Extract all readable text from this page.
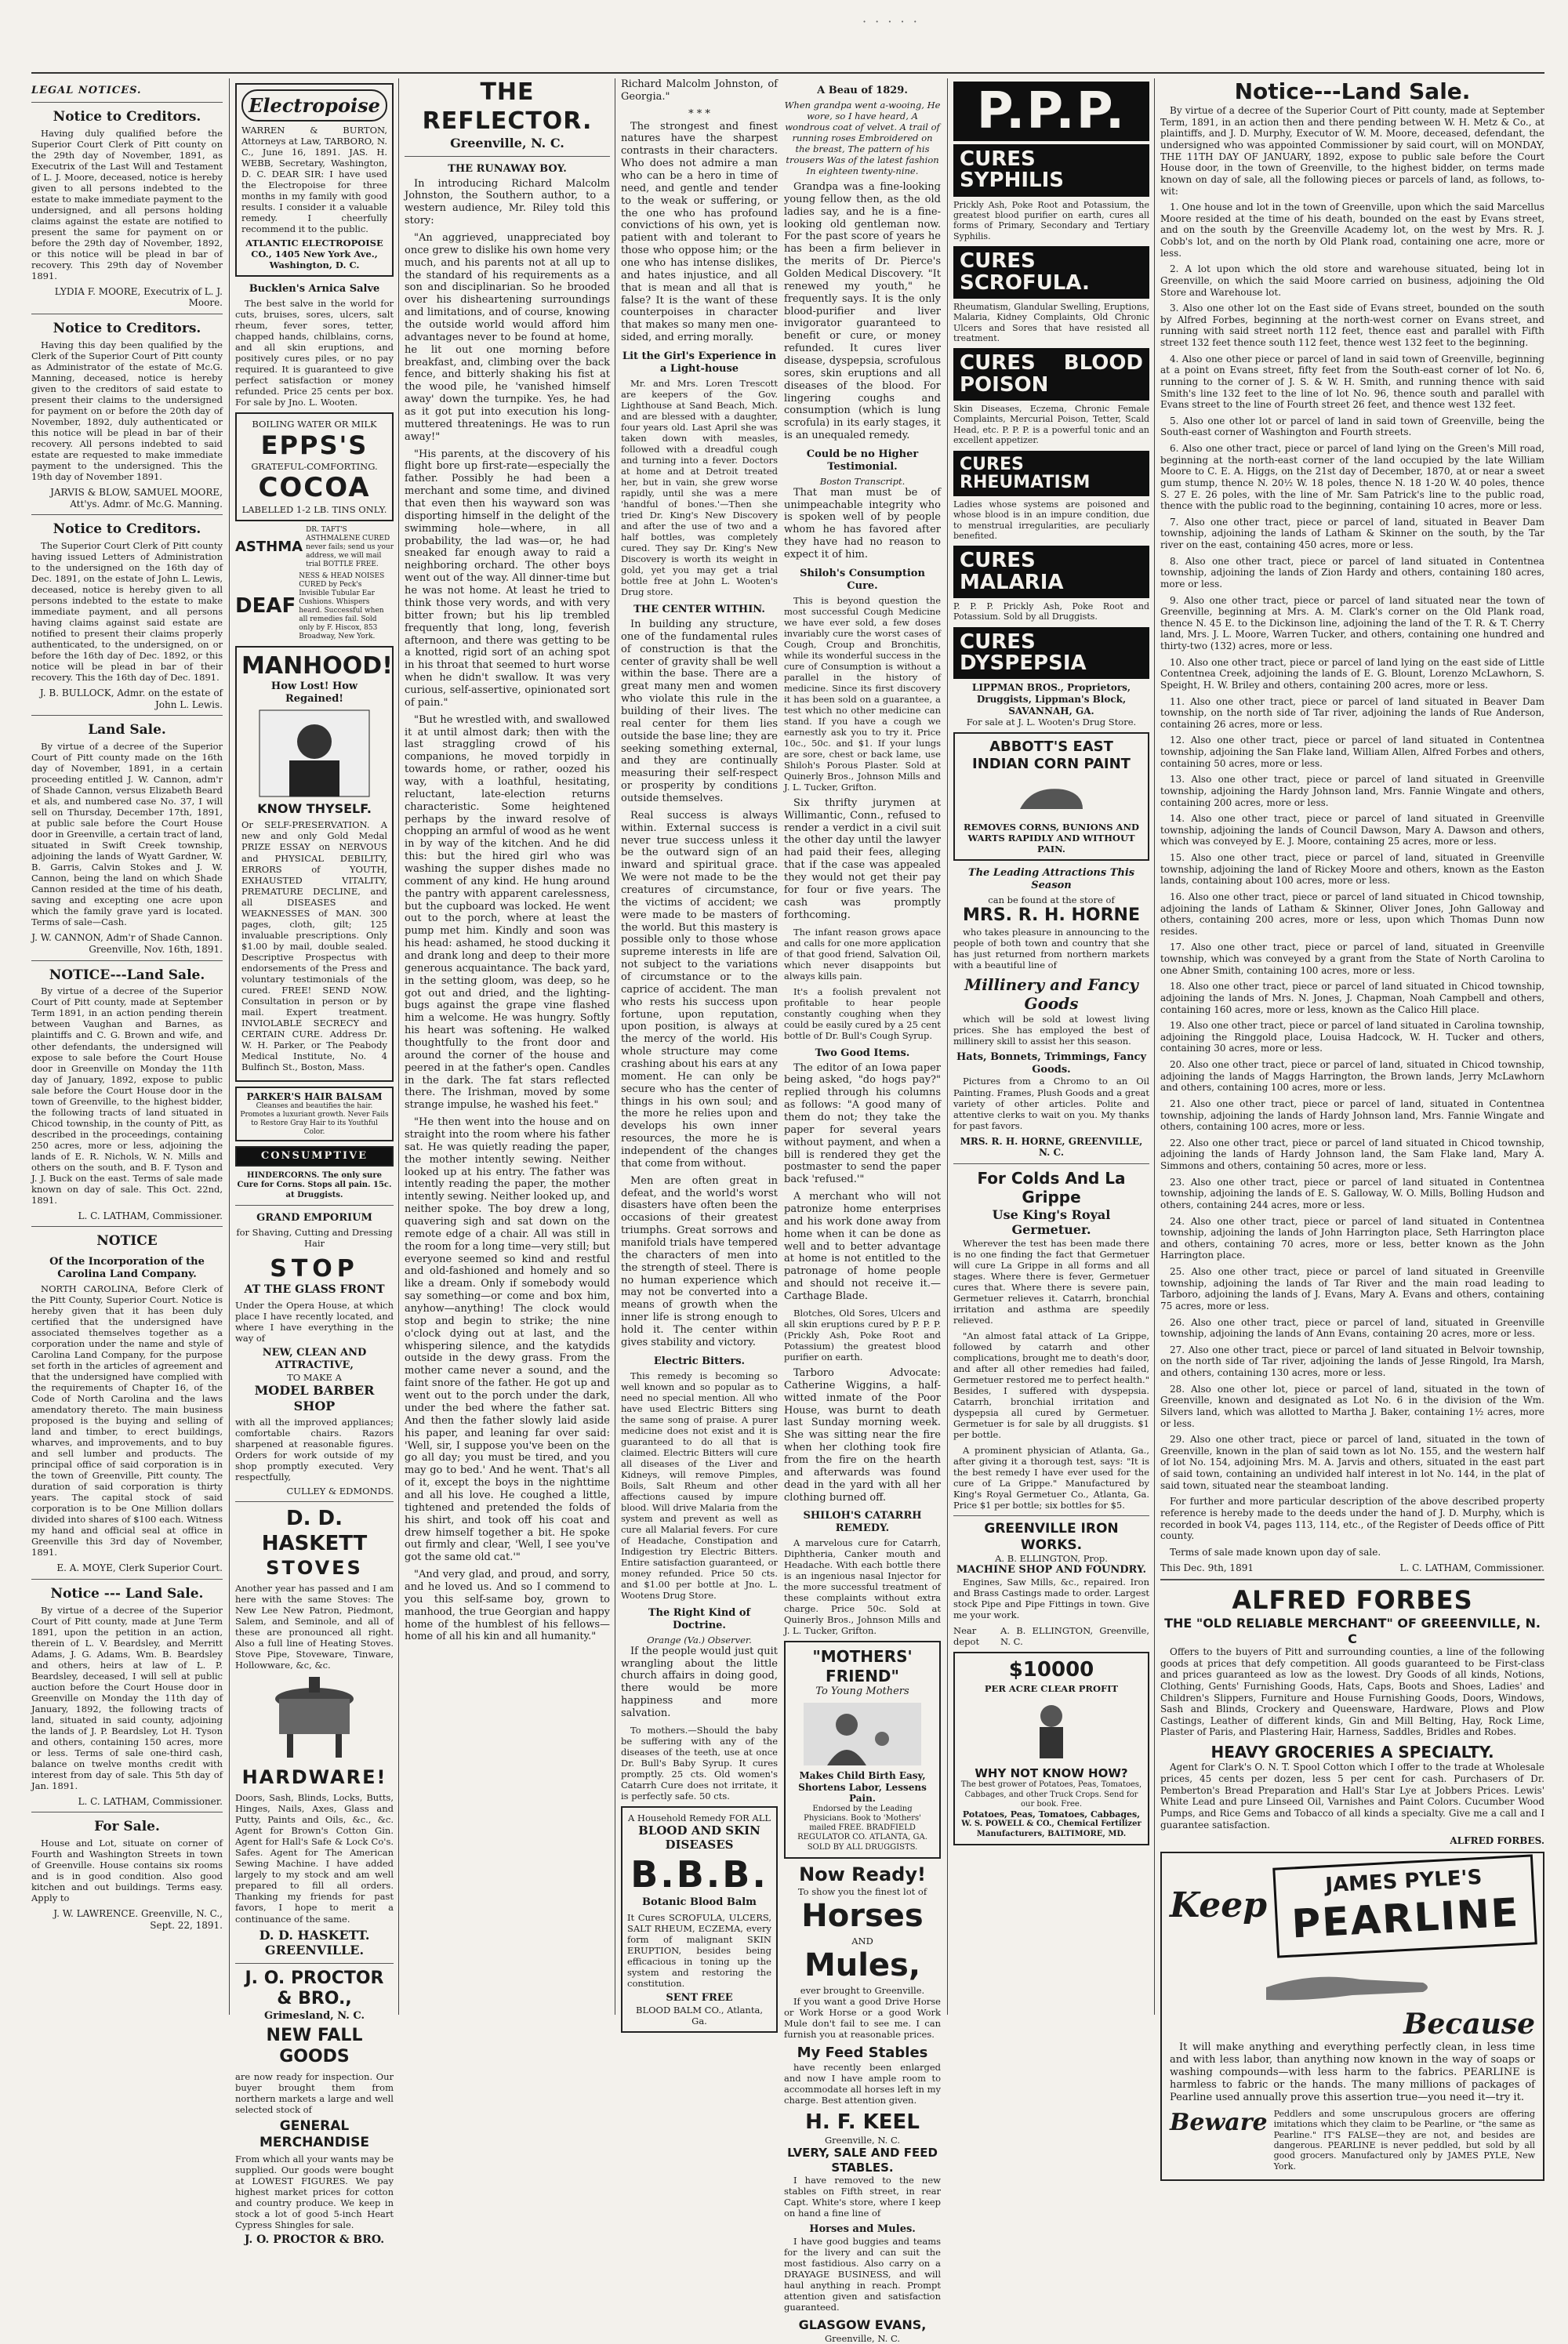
· · · · ·
LEGAL NOTICES.
Notice to Creditors.

Having duly qualified before the Superior Court Clerk of Pitt county on the 29th day of November, 1891, as Executrix of the Last Will and Testament of L. J. Moore, deceased, notice is hereby given to all persons indebted to the estate to make immediate payment to the undersigned, and all persons holding claims against the estate are notified to present the same for payment on or before the 29th day of November, 1892, or this notice will be plead in bar of recovery. This 29th day of November 1891.

LYDIA F. MOORE, Executrix of L. J. Moore.

Notice to Creditors.

Having this day been qualified by the Clerk of the Superior Court of Pitt county as Administrator of the estate of Mc.G. Manning, deceased, notice is hereby given to the creditors of said estate to present their claims to the undersigned for payment on or before the 20th day of November, 1892, duly authenticated or this notice will be plead in bar of their recovery. All persons indebted to said estate are requested to make immediate payment to the undersigned. This the 19th day of November 1891.

JARVIS & BLOW, SAMUEL MOORE, Att'ys. Admr. of Mc.G. Manning.

Notice to Creditors.

The Superior Court Clerk of Pitt county having issued Letters of Administration to the undersigned on the 16th day of Dec. 1891, on the estate of John L. Lewis, deceased, notice is hereby given to all persons indebted to the estate to make immediate payment, and all persons having claims against said estate are notified to present their claims properly authenticated, to the undersigned, on or before the 16th day of Dec. 1892, or this notice will be plead in bar of their recovery. This the 16th day of Dec. 1891.

J. B. BULLOCK, Admr. on the estate of John L. Lewis.

Land Sale.

By virtue of a decree of the Superior Court of Pitt county made on the 16th day of November, 1891, in a certain proceeding entitled J. W. Cannon, adm'r of Shade Cannon, versus Elizabeth Beard et als, and numbered case No. 37, I will sell on Thursday, December 17th, 1891, at public sale before the Court House door in Greenville, a certain tract of land, situated in Swift Creek township, adjoining the lands of Wyatt Gardner, W. B. Garris, Calvin Stokes and J. W. Cannon, being the land on which Shade Cannon resided at the time of his death, saving and excepting one acre upon which the family grave yard is located. Terms of sale—Cash.

J. W. CANNON, Adm'r of Shade Cannon. Greenville, Nov. 16th, 1891.

NOTICE---Land Sale.

By virtue of a decree of the Superior Court of Pitt county, made at September Term 1891, in an action pending therein between Vaughan and Barnes, as plaintiffs and C. G. Brown and wife, and other defendants, the undersigned will expose to sale before the Court House door in Greenville on Monday the 11th day of January, 1892, expose to public sale before the Court House door in the town of Greenville, to the highest bidder, the following tracts of land situated in Chicod township, in the county of Pitt, as described in the proceedings, containing 250 acres, more or less, adjoining the lands of E. R. Nichols, W. N. Mills and others on the south, and B. F. Tyson and J. J. Buck on the east. Terms of sale made known on day of sale. This Oct. 22nd, 1891.

L. C. LATHAM, Commissioner.

NOTICE
Of the Incorporation of the Carolina Land Company.

NORTH CAROLINA, Before Clerk of the Pitt County, Superior Court. Notice is hereby given that it has been duly certified that the undersigned have associated themselves together as a corporation under the name and style of Carolina Land Company, for the purpose set forth in the articles of agreement and that the undersigned have complied with the requirements of Chapter 16, of the Code of North Carolina and the laws amendatory thereto. The main business proposed is the buying and selling of land and timber, to erect buildings, wharves, and improvements, and to buy and sell lumber and products. The principal office of said corporation is in the town of Greenville, Pitt county. The duration of said corporation is thirty years. The capital stock of said corporation is to be One Million dollars divided into shares of $100 each. Witness my hand and official seal at office in Greenville this 3rd day of November, 1891.

E. A. MOYE, Clerk Superior Court.

Notice --- Land Sale.

By virtue of a decree of the Superior Court of Pitt county, made at June Term 1891, upon the petition in an action, therein of L. V. Beardsley, and Merritt Adams, J. G. Adams, Wm. B. Beardsley and others, heirs at law of L. P. Beardsley, deceased, I will sell at public auction before the Court House door in Greenville on Monday the 11th day of January, 1892, the following tracts of land, situated in said county, adjoining the lands of J. P. Beardsley, Lot H. Tyson and others, containing 150 acres, more or less. Terms of sale one-third cash, balance on twelve months credit with interest from day of sale. This 5th day of Jan. 1891.

L. C. LATHAM, Commissioner.

For Sale.

House and Lot, situate on corner of Fourth and Washington Streets in town of Greenville. House contains six rooms and is in good condition. Also good kitchen and out buildings. Terms easy. Apply to

J. W. LAWRENCE. Greenville, N. C., Sept. 22, 1891.

Electropoise

WARREN & BURTON, Attorneys at Law, TARBORO, N. C., June 16, 1891. JAS. H. WEBB, Secretary, Washington, D. C. DEAR SIR: I have used the Electropoise for three months in my family with good results. I consider it a valuable remedy. I cheerfully recommend it to the public.

ATLANTIC ELECTROPOISE CO., 1405 New York Ave., Washington, D. C.
Bucklen's Arnica Salve

The best salve in the world for cuts, bruises, sores, ulcers, salt rheum, fever sores, tetter, chapped hands, chilblains, corns, and all skin eruptions, and positively cures piles, or no pay required. It is guaranteed to give perfect satisfaction or money refunded. Price 25 cents per box. For sale by Jno. L. Wooten.

BOILING WATER OR MILK
EPPS'S
GRATEFUL-COMFORTING.
COCOA
LABELLED 1-2 LB. TINS ONLY.
ASTHMA
DR. TAFT'S ASTHMALENE CURED never fails; send us your address, we will mail trial BOTTLE FREE.
DEAF
NESS & HEAD NOISES CURED by Peck's Invisible Tubular Ear Cushions. Whispers heard. Successful when all remedies fail. Sold only by F. Hiscox, 853 Broadway, New York.
MANHOOD!
How Lost! How Regained!
KNOW THYSELF.

Or SELF-PRESERVATION. A new and only Gold Medal PRIZE ESSAY on NERVOUS and PHYSICAL DEBILITY, ERRORS of YOUTH, EXHAUSTED VITALITY, PREMATURE DECLINE, and all DISEASES and WEAKNESSES of MAN. 300 pages, cloth, gilt; 125 invaluable prescriptions. Only $1.00 by mail, double sealed. Descriptive Prospectus with endorsements of the Press and voluntary testimonials of the cured. FREE! SEND NOW. Consultation in person or by mail. Expert treatment. INVIOLABLE SECRECY and CERTAIN CURE. Address Dr. W. H. Parker, or The Peabody Medical Institute, No. 4 Bulfinch St., Boston, Mass.

PARKER'S HAIR BALSAM
Cleanses and beautifies the hair. Promotes a luxuriant growth. Never Fails to Restore Gray Hair to its Youthful Color.
CONSUMPTIVE
HINDERCORNS. The only sure Cure for Corns. Stops all pain. 15c. at Druggists.
GRAND EMPORIUM
for Shaving, Cutting and Dressing Hair
STOP
AT THE GLASS FRONT

Under the Opera House, at which place I have recently located, and where I have everything in the way of

NEW, CLEAN AND ATTRACTIVE,
TO MAKE A
MODEL BARBER SHOP

with all the improved appliances; comfortable chairs. Razors sharpened at reasonable figures. Orders for work outside of my shop promptly executed. Very respectfully,

CULLEY & EDMONDS.
D. D. HASKETT
STOVES

Another year has passed and I am here with the same Stoves: The New Lee New Patron, Piedmont, Salem, and Seminole, and all of these are pronounced all right. Also a full line of Heating Stoves. Stove Pipe, Stoveware, Tinware, Hollowware, &c, &c.

HARDWARE!

Doors, Sash, Blinds, Locks, Butts, Hinges, Nails, Axes, Glass and Putty, Paints and Oils, &c., &c. Agent for Brown's Cotton Gin. Agent for Hall's Safe & Lock Co's. Safes. Agent for The American Sewing Machine. I have added largely to my stock and am well prepared to fill all orders. Thanking my friends for past favors, I hope to merit a continuance of the same.

D. D. HASKETT. GREENVILLE.
J. O. PROCTOR & BRO.,
Grimesland, N. C.
NEW FALL GOODS

are now ready for inspection. Our buyer brought them from northern markets a large and well selected stock of

GENERAL MERCHANDISE

From which all your wants may be supplied. Our goods were bought at LOWEST FIGURES. We pay highest market prices for cotton and country produce. We keep in stock a lot of good 5-inch Heart Cypress Shingles for sale.

J. O. PROCTOR & BRO.
THE REFLECTOR.
Greenville, N. C.
THE RUNAWAY BOY.

In introducing Richard Malcolm Johnston, the Southern author, to a western audience, Mr. Riley told this story:

"An aggrieved, unappreciated boy once grew to dislike his own home very much, and his parents not at all up to the standard of his requirements as a son and disciplinarian. So he brooded over his disheartening surroundings and limitations, and of course, knowing the outside world would afford him advantages never to be found at home, he lit out one morning before breakfast, and, climbing over the back fence, and bitterly shaking his fist at the wood pile, he 'vanished himself away' down the turnpike. Yes, he had as it got put into execution his long-muttered threatenings. He was to run away!"

"His parents, at the discovery of his flight bore up first-rate—especially the father. Possibly he had been a merchant and some time, and divined that even then his wayward son was disporting himself in the delight of the swimming hole—where, in all probability, the lad was—or, he had sneaked far enough away to raid a neighboring orchard. The other boys went out of the way. All dinner-time but he was not home. At least he tried to think those very words, and with very bitter frown; but his lip trembled frequently that long, long, feverish afternoon, and there was getting to be a knotted, rigid sort of an aching spot in his throat that seemed to hurt worse when he didn't swallow. It was very curious, self-assertive, opinionated sort of pain."

"But he wrestled with, and swallowed it at until almost dark; then with the last straggling crowd of his companions, he moved torpidly in towards home, or rather, oozed his way, with a loathful, hesitating, reluctant, late-election returns characteristic. Some heightened perhaps by the inward resolve of chopping an armful of wood as he went in by way of the kitchen. And he did this: but the hired girl who was washing the supper dishes made no comment of any kind. He hung around the pantry with apparent carelessness, but the cupboard was locked. He went out to the porch, where at least the pump met him. Kindly and soon was his head: ashamed, he stood ducking it and drank long and deep to their more generous acquaintance. The back yard, in the setting gloom, was deep, so he got out and dried, and the lighting-bugs against the grape vine flashed him a welcome. He was hungry. Softly his heart was softening. He walked thoughtfully to the front door and around the corner of the house and peered in at the father's open. Candles in the dark. The fat stars reflected there. The Irishman, moved by some strange impulse, he washed his feet."

"He then went into the house and on straight into the room where his father sat. He was quietly reading the paper, the mother intently sewing. Neither looked up at his entry. The father was intently reading the paper, the mother intently sewing. Neither looked up, and neither spoke. The boy drew a long, quavering sigh and sat down on the remote edge of a chair. All was still in the room for a long time—very still; but everyone seemed so kind and restful and old-fashioned and homely and so like a dream. Only if somebody would say something—or come and box him, anyhow—anything! The clock would stop and begin to strike; the nine o'clock dying out at last, and the whispering silence, and the katydids outside in the dewy grass. From the mother came never a sound, and the faint snore of the father. He got up and went out to the porch under the dark, under the bed where the father sat. And then the father slowly laid aside his paper, and leaning far over said: 'Well, sir, I suppose you've been on the go all day; you must be tired, and you may go to bed.' And he went. That's all of it, except the boys in the nighttime and all his love. He coughed a little, tightened and pretended the folds of his shirt, and took off his coat and drew himself together a bit. He spoke out firmly and clear, 'Well, I see you've got the same old cat.'"

"And very glad, and proud, and sorry, and he loved us. And so I commend to you this self-same boy, grown to manhood, the true Georgian and happy home of the humblest of his fellows—home of all his kin and all humanity."

Richard Malcolm Johnston, of Georgia."

* * *

The strongest and finest natures have the sharpest contrasts in their characters. Who does not admire a man who can be a hero in time of need, and gentle and tender to the weak or suffering, or the one who has profound convictions of his own, yet is patient with and tolerant to those who oppose him; or the one who has intense dislikes, and hates injustice, and all that is mean and all that is false? It is the want of these counterpoises in character that makes so many men one-sided, and erring morally.

Lit the Girl's Experience in a Light-house

Mr. and Mrs. Loren Trescott are keepers of the Gov. Lighthouse at Sand Beach, Mich. and are blessed with a daughter, four years old. Last April she was taken down with measles, followed with a dreadful cough and turning into a fever. Doctors at home and at Detroit treated her, but in vain, she grew worse rapidly, until she was a mere 'handful of bones.'—Then she tried Dr. King's New Discovery and after the use of two and a half bottles, was completely cured. They say Dr. King's New Discovery is worth its weight in gold, yet you may get a trial bottle free at John L. Wooten's Drug store.

THE CENTER WITHIN.

In building any structure, one of the fundamental rules of construction is that the center of gravity shall be well within the base. There are a great many men and women who violate this rule in the building of their lives. The real center for them lies outside the base line; they are seeking something external, and they are continually measuring their self-respect or prosperity by conditions outside themselves.

Real success is always within. External success is never true success unless it be the outward sign of an inward and spiritual grace. We were not made to be the creatures of circumstance, the victims of accident; we were made to be masters of the world. But this mastery is possible only to those whose supreme interests in life are not subject to the variations of circumstance or to the caprice of accident. The man who rests his success upon fortune, upon reputation, upon position, is always at the mercy of the world. His whole structure may come crashing about his ears at any moment. He can only be secure who has the center of things in his own soul; and the more he relies upon and develops his own inner resources, the more he is independent of the changes that come from without.

Men are often great in defeat, and the world's worst disasters have often been the occasions of their greatest triumphs. Great sorrows and manifold trials have tempered the characters of men into the strength of steel. There is no human experience which may not be converted into a means of growth when the inner life is strong enough to hold it. The center within gives stability and victory.

Electric Bitters.

This remedy is becoming so well known and so popular as to need no special mention. All who have used Electric Bitters sing the same song of praise. A purer medicine does not exist and it is guaranteed to do all that is claimed. Electric Bitters will cure all diseases of the Liver and Kidneys, will remove Pimples, Boils, Salt Rheum and other affections caused by impure blood. Will drive Malaria from the system and prevent as well as cure all Malarial fevers. For cure of Headache, Constipation and Indigestion try Electric Bitters. Entire satisfaction guaranteed, or money refunded. Price 50 cts. and $1.00 per bottle at Jno. L. Wootens Drug Store.

The Right Kind of Doctrine.
Orange (Va.) Observer.

If the people would just quit wrangling about the little church affairs in doing good, there would be more happiness and more salvation.

To mothers.—Should the baby be suffering with any of the diseases of the teeth, use at once Dr. Bull's Baby Syrup. It cures promptly. 25 cts. Old women's Catarrh Cure does not irritate, it is perfectly safe. 50 cts.

A Household Remedy FOR ALL
BLOOD AND SKIN DISEASES
B.B.B.
Botanic Blood Balm

It Cures SCROFULA, ULCERS, SALT RHEUM, ECZEMA, every form of malignant SKIN ERUPTION, besides being efficacious in toning up the system and restoring the constitution.

SENT FREE
BLOOD BALM CO., Atlanta, Ga.
A Beau of 1829.

When grandpa went a-wooing, He wore, so I have heard, A wondrous coat of velvet. A trail of running roses Embroidered on the breast, The pattern of his trousers Was of the latest fashion In eighteen twenty-nine.

Grandpa was a fine-looking young fellow then, as the old ladies say, and he is a fine-looking old gentleman now. For the past score of years he has been a firm believer in the merits of Dr. Pierce's Golden Medical Discovery. "It renewed my youth," he frequently says. It is the only blood-purifier and liver invigorator guaranteed to benefit or cure, or money refunded. It cures liver disease, dyspepsia, scrofulous sores, skin eruptions and all diseases of the blood. For lingering coughs and consumption (which is lung scrofula) in its early stages, it is an unequaled remedy.

Could be no Higher Testimonial.
Boston Transcript.

That man must be of unimpeachable integrity who is spoken well of by people whom he has favored after they have had no reason to expect it of him.

Shiloh's Consumption Cure.

This is beyond question the most successful Cough Medicine we have ever sold, a few doses invariably cure the worst cases of Cough, Croup and Bronchitis, while its wonderful success in the cure of Consumption is without a parallel in the history of medicine. Since its first discovery it has been sold on a guarantee, a test which no other medicine can stand. If you have a cough we earnestly ask you to try it. Price 10c., 50c. and $1. If your lungs are sore, chest or back lame, use Shiloh's Porous Plaster. Sold at Quinerly Bros., Johnson Mills and J. L. Tucker, Grifton.

Six thrifty jurymen at Willimantic, Conn., refused to render a verdict in a civil suit the other day until the lawyer had paid their fees, alleging that if the case was appealed they would not get their pay for four or five years. The cash was promptly forthcoming.

The infant reason grows apace and calls for one more application of that good friend, Salvation Oil, which never disappoints but always kills pain.

It's a foolish prevalent not profitable to hear people constantly coughing when they could be easily cured by a 25 cent bottle of Dr. Bull's Cough Syrup.

Two Good Items.

The editor of an Iowa paper being asked, "do hogs pay?" replied through his columns as follows: "A good many of them do not; they take the paper for several years without payment, and when a bill is rendered they get the postmaster to send the paper back 'refused.'"

A merchant who will not patronize home enterprises and his work done away from home when it can be done as well and to better advantage at home is not entitled to the patronage of home people and should not receive it.—Carthage Blade.

Blotches, Old Sores, Ulcers and all skin eruptions cured by P. P. P. (Prickly Ash, Poke Root and Potassium) the greatest blood purifier on earth.

Tarboro Advocate: Catherine Wiggins, a half-witted inmate of the Poor House, was burnt to death last Sunday morning week. She was sitting near the fire when her clothing took fire from the fire on the hearth and afterwards was found dead in the yard with all her clothing burned off.

SHILOH'S CATARRH REMEDY.

A marvelous cure for Catarrh, Diphtheria, Canker mouth and Headache. With each bottle there is an ingenious nasal Injector for the more successful treatment of these complaints without extra charge. Price 50c. Sold at Quinerly Bros., Johnson Mills and J. L. Tucker, Grifton.

"MOTHERS' FRIEND"
To Young Mothers
Makes Child Birth Easy, Shortens Labor, Lessens Pain.
Endorsed by the Leading Physicians. Book to 'Mothers' mailed FREE. BRADFIELD REGULATOR CO. ATLANTA, GA. SOLD BY ALL DRUGGISTS.
Now Ready!
To show you the finest lot of
Horses
AND
Mules,
ever brought to Greenville.

If you want a good Drive Horse or Work Horse or a good Work Mule don't fail to see me. I can furnish you at reasonable prices.

My Feed Stables

have recently been enlarged and now I have ample room to accommodate all horses left in my charge. Best attention given.

H. F. KEEL
Greenville, N. C.
LVERY, SALE AND FEED STABLES.

I have removed to the new stables on Fifth street, in rear Capt. White's store, where I keep on hand a fine line of

Horses and Mules.

I have good buggies and teams for the livery and can suit the most fastidious. Also carry on a DRAYAGE BUSINESS, and will haul anything in reach. Prompt attention given and satisfaction guaranteed.

GLASGOW EVANS,
Greenville, N. C.
P.P.P.
CURES SYPHILIS

Prickly Ash, Poke Root and Potassium, the greatest blood purifier on earth, cures all forms of Primary, Secondary and Tertiary Syphilis.

CURES SCROFULA.

Rheumatism, Glandular Swelling, Eruptions, Malaria, Kidney Complaints, Old Chronic Ulcers and Sores that have resisted all treatment.

CURES BLOOD POISON

Skin Diseases, Eczema, Chronic Female Complaints, Mercurial Poison, Tetter, Scald Head, etc. P. P. P. is a powerful tonic and an excellent appetizer.

CURES RHEUMATISM

Ladies whose systems are poisoned and whose blood is in an impure condition, due to menstrual irregularities, are peculiarly benefited.

CURES MALARIA

P. P. P. Prickly Ash, Poke Root and Potassium. Sold by all Druggists.

CURES DYSPEPSIA
LIPPMAN BROS., Proprietors, Druggists, Lippman's Block, SAVANNAH, GA.
For sale at J. L. Wooten's Drug Store.
ABBOTT'S EAST INDIAN CORN PAINT
REMOVES CORNS, BUNIONS AND WARTS RAPIDLY AND WITHOUT PAIN.
The Leading Attractions This Season
can be found at the store of
MRS. R. H. HORNE

who takes pleasure in announcing to the people of both town and country that she has just returned from northern markets with a beautiful line of

Millinery and Fancy Goods

which will be sold at lowest living prices. She has employed the best of millinery skill to assist her this season.

Hats, Bonnets, Trimmings, Fancy Goods.

Pictures from a Chromo to an Oil Painting. Frames, Plush Goods and a great variety of other articles. Polite and attentive clerks to wait on you. My thanks for past favors.

MRS. R. H. HORNE, GREENVILLE, N. C.
For Colds And La Grippe
Use King's Royal Germetuer.

Wherever the test has been made there is no one finding the fact that Germetuer will cure La Grippe in all forms and all stages. Where there is fever, Germetuer cures that. Where there is severe pain, Germetuer relieves it. Catarrh, bronchial irritation and asthma are speedily relieved.

"An almost fatal attack of La Grippe, followed by catarrh and other complications, brought me to death's door, and after all other remedies had failed, Germetuer restored me to perfect health." Besides, I suffered with dyspepsia. Catarrh, bronchial irritation and dyspepsia all cured by Germetuer. Germetuer is for sale by all druggists. $1 per bottle.

A prominent physician of Atlanta, Ga., after giving it a thorough test, says: "It is the best remedy I have ever used for the cure of La Grippe." Manufactured by King's Royal Germetuer Co., Atlanta, Ga. Price $1 per bottle; six bottles for $5.

GREENVILLE IRON WORKS.
A. B. ELLINGTON, Prop.
MACHINE SHOP AND FOUNDRY.

Engines, Saw Mills, &c., repaired. Iron and Brass Castings made to order. Largest stock Pipe and Pipe Fittings in town. Give me your work.

Near depot
A. B. ELLINGTON, Greenville, N. C.
$10000
PER ACRE CLEAR PROFIT
WHY NOT KNOW HOW?
The best grower of Potatoes, Peas, Tomatoes, Cabbages, and other Truck Crops. Send for our book. Free.
Potatoes, Peas, Tomatoes, Cabbages,
W. S. POWELL & CO., Chemical Fertilizer Manufacturers, BALTIMORE, MD.
Notice---Land Sale.

By virtue of a decree of the Superior Court of Pitt county, made at September Term, 1891, in an action then and there pending between W. H. Metz & Co., at plaintiffs, and J. D. Murphy, Executor of W. M. Moore, deceased, defendant, the undersigned who was appointed Commissioner by said court, will on MONDAY, THE 11TH DAY OF JANUARY, 1892, expose to public sale before the Court House door, in the town of Greenville, to the highest bidder, on terms made known on day of sale, all the following pieces or parcels of land, as follows, to-wit:

1. One house and lot in the town of Greenville, upon which the said Marcellus Moore resided at the time of his death, bounded on the east by Evans street, and on the south by the Greenville Academy lot, on the west by Mrs. R. J. Cobb's lot, and on the north by Old Plank road, containing one acre, more or less.

2. A lot upon which the old store and warehouse situated, being lot in Greenville, on which the said Moore carried on business, adjoining the Old Store and Warehouse lot.

3. Also one other lot on the East side of Evans street, bounded on the south by Alfred Forbes, beginning at the north-west corner on Evans street, and running with said street north 112 feet, thence east and parallel with Fifth street 132 feet thence south 112 feet, thence west 132 feet to the beginning.

4. Also one other piece or parcel of land in said town of Greenville, beginning at a point on Evans street, fifty feet from the South-east corner of lot No. 6, running to the corner of J. S. & W. H. Smith, and running thence with said Smith's line 132 feet to the line of lot No. 96, thence south and parallel with Evans street to the line of Fourth street 26 feet, and thence west 132 feet.

5. Also one other lot or parcel of land in said town of Greenville, being the South-east corner of Washington and Fourth streets.

6. Also one other tract, piece or parcel of land lying on the Green's Mill road, beginning at the north-east corner of the land occupied by the late William Moore to C. E. A. Higgs, on the 21st day of December, 1870, at or near a sweet gum stump, thence N. 20½ W. 18 poles, thence N. 18 1-20 W. 40 poles, thence S. 27 E. 26 poles, with the line of Mr. Sam Patrick's line to the public road, thence with the public road to the beginning, containing 10 acres, more or less.

7. Also one other tract, piece or parcel of land, situated in Beaver Dam township, adjoining the lands of Latham & Skinner on the south, by the Tar river on the east, containing 450 acres, more or less.

8. Also one other tract, piece or parcel of land situated in Contentnea township, adjoining the lands of Zion Hardy and others, containing 180 acres, more or less.

9. Also one other tract, piece or parcel of land situated near the town of Greenville, beginning at Mrs. A. M. Clark's corner on the Old Plank road, thence N. 45 E. to the Dickinson line, adjoining the land of the T. R. & T. Cherry land, Mrs. J. L. Moore, Warren Tucker, and others, containing one hundred and thirty-two (132) acres, more or less.

10. Also one other tract, piece or parcel of land lying on the east side of Little Contentnea Creek, adjoining the lands of E. G. Blount, Lorenzo McLawhorn, S. Speight, H. W. Briley and others, containing 200 acres, more or less.

11. Also one other tract, piece or parcel of land situated in Beaver Dam township, on the north side of Tar river, adjoining the lands of Rue Anderson, containing 26 acres, more or less.

12. Also one other tract, piece or parcel of land situated in Contentnea township, adjoining the San Flake land, William Allen, Alfred Forbes and others, containing 50 acres, more or less.

13. Also one other tract, piece or parcel of land situated in Greenville township, adjoining the Hardy Johnson land, Mrs. Fannie Wingate and others, containing 200 acres, more or less.

14. Also one other tract, piece or parcel of land situated in Greenville township, adjoining the lands of Council Dawson, Mary A. Dawson and others, which was conveyed by E. J. Moore, containing 25 acres, more or less.

15. Also one other tract, piece or parcel of land, situated in Greenville township, adjoining the land of Rickey Moore and others, known as the Easton lands, containing about 100 acres, more or less.

16. Also one other tract, piece or parcel of land situated in Chicod township, adjoining the lands of Latham & Skinner, Oliver Jones, John Galloway and others, containing 200 acres, more or less, upon which Thomas Dunn now resides.

17. Also one other tract, piece or parcel of land, situated in Greenville township, which was conveyed by a grant from the State of North Carolina to one Abner Smith, containing 100 acres, more or less.

18. Also one other tract, piece or parcel of land situated in Chicod township, adjoining the lands of Mrs. N. Jones, J. Chapman, Noah Campbell and others, containing 160 acres, more or less, known as the Calico Hill place.

19. Also one other tract, piece or parcel of land situated in Carolina township, adjoining the Ringgold place, Louisa Hadcock, W. H. Tucker and others, containing 30 acres, more or less.

20. Also one other tract, piece or parcel of land, situated in Chicod township, adjoining the lands of Maggs Harrington, the Brown lands, Jerry McLawhorn and others, containing 100 acres, more or less.

21. Also one other tract, piece or parcel of land, situated in Contentnea township, adjoining the lands of Hardy Johnson land, Mrs. Fannie Wingate and others, containing 100 acres, more or less.

22. Also one other tract, piece or parcel of land situated in Chicod township, adjoining the lands of Hardy Johnson land, the Sam Flake land, Mary A. Simmons and others, containing 50 acres, more or less.

23. Also one other tract, piece or parcel of land situated in Contentnea township, adjoining the lands of E. S. Galloway, W. O. Mills, Bolling Hudson and others, containing 244 acres, more or less.

24. Also one other tract, piece or parcel of land situated in Contentnea township, adjoining the lands of John Harrington place, Seth Harrington place and others, containing 70 acres, more or less, better known as the John Harrington place.

25. Also one other tract, piece or parcel of land situated in Greenville township, adjoining the lands of Tar River and the main road leading to Tarboro, adjoining the lands of J. Evans, Mary A. Evans and others, containing 75 acres, more or less.

26. Also one other tract, piece or parcel of land, situated in Greenville township, adjoining the lands of Ann Evans, containing 20 acres, more or less.

27. Also one other tract, piece or parcel of land situated in Belvoir township, on the north side of Tar river, adjoining the lands of Jesse Ringold, Ira Marsh, and others, containing 130 acres, more or less.

28. Also one other lot, piece or parcel of land, situated in the town of Greenville, known and designated as Lot No. 6 in the division of the Wm. Silvers land, which was allotted to Martha J. Baker, containing 1½ acres, more or less.

29. Also one other tract, piece or parcel of land, situated in the town of Greenville, known in the plan of said town as lot No. 155, and the western half of lot No. 154, adjoining Mrs. M. A. Jarvis and others, situated in the east part of said town, containing an undivided half interest in lot No. 144, in the plat of said town, situated near the steamboat landing.

For further and more particular description of the above described property reference is hereby made to the deeds under the hand of J. D. Murphy, which is recorded in book V4, pages 113, 114, etc., of the Register of Deeds office of Pitt county.

Terms of sale made known upon day of sale.

This Dec. 9th, 1891	L. C. LATHAM, Commissioner.
ALFRED FORBES
THE "OLD RELIABLE MERCHANT" OF GREEENVILLE, N. C

Offers to the buyers of Pitt and surrounding counties, a line of the following goods at prices that defy competition. All goods guaranteed to be First-class and prices guaranteed as low as the lowest. Dry Goods of all kinds, Notions, Clothing, Gents' Furnishing Goods, Hats, Caps, Boots and Shoes, Ladies' and Children's Slippers, Furniture and House Furnishing Goods, Doors, Windows, Sash and Blinds, Crockery and Queensware, Hardware, Plows and Plow Castings, Leather of different kinds, Gin and Mill Belting, Hay, Rock Lime, Plaster of Paris, and Plastering Hair, Harness, Saddles, Bridles and Robes.

HEAVY GROCERIES A SPECIALTY.

Agent for Clark's O. N. T. Spool Cotton which I offer to the trade at Wholesale prices, 45 cents per dozen, less 5 per cent for cash. Purchasers of Dr. Pemberton's Bread Preparation and Hall's Star Lye at Jobbers Prices. Lewis' White Lead and pure Linseed Oil, Varnishes and Paint Colors. Cucumber Wood Pumps, and Rice Gems and Tobacco of all kinds a specialty. Give me a call and I guarantee satisfaction.

ALFRED FORBES.
Keep
JAMES PYLE'S
PEARLINE
Because

It will make anything and everything perfectly clean, in less time and with less labor, than anything now known in the way of soaps or washing compounds—with less harm to the fabrics. PEARLINE is harmless to fabric or the hands. The many millions of packages of Pearline used annually prove this assertion true—you need it—try it.

Beware Peddlers and some unscrupulous grocers are offering imitations which they claim to be Pearline, or "the same as Pearline." IT'S FALSE—they are not, and besides are dangerous. PEARLINE is never peddled, but sold by all good grocers. Manufactured only by JAMES PYLE, New York.
